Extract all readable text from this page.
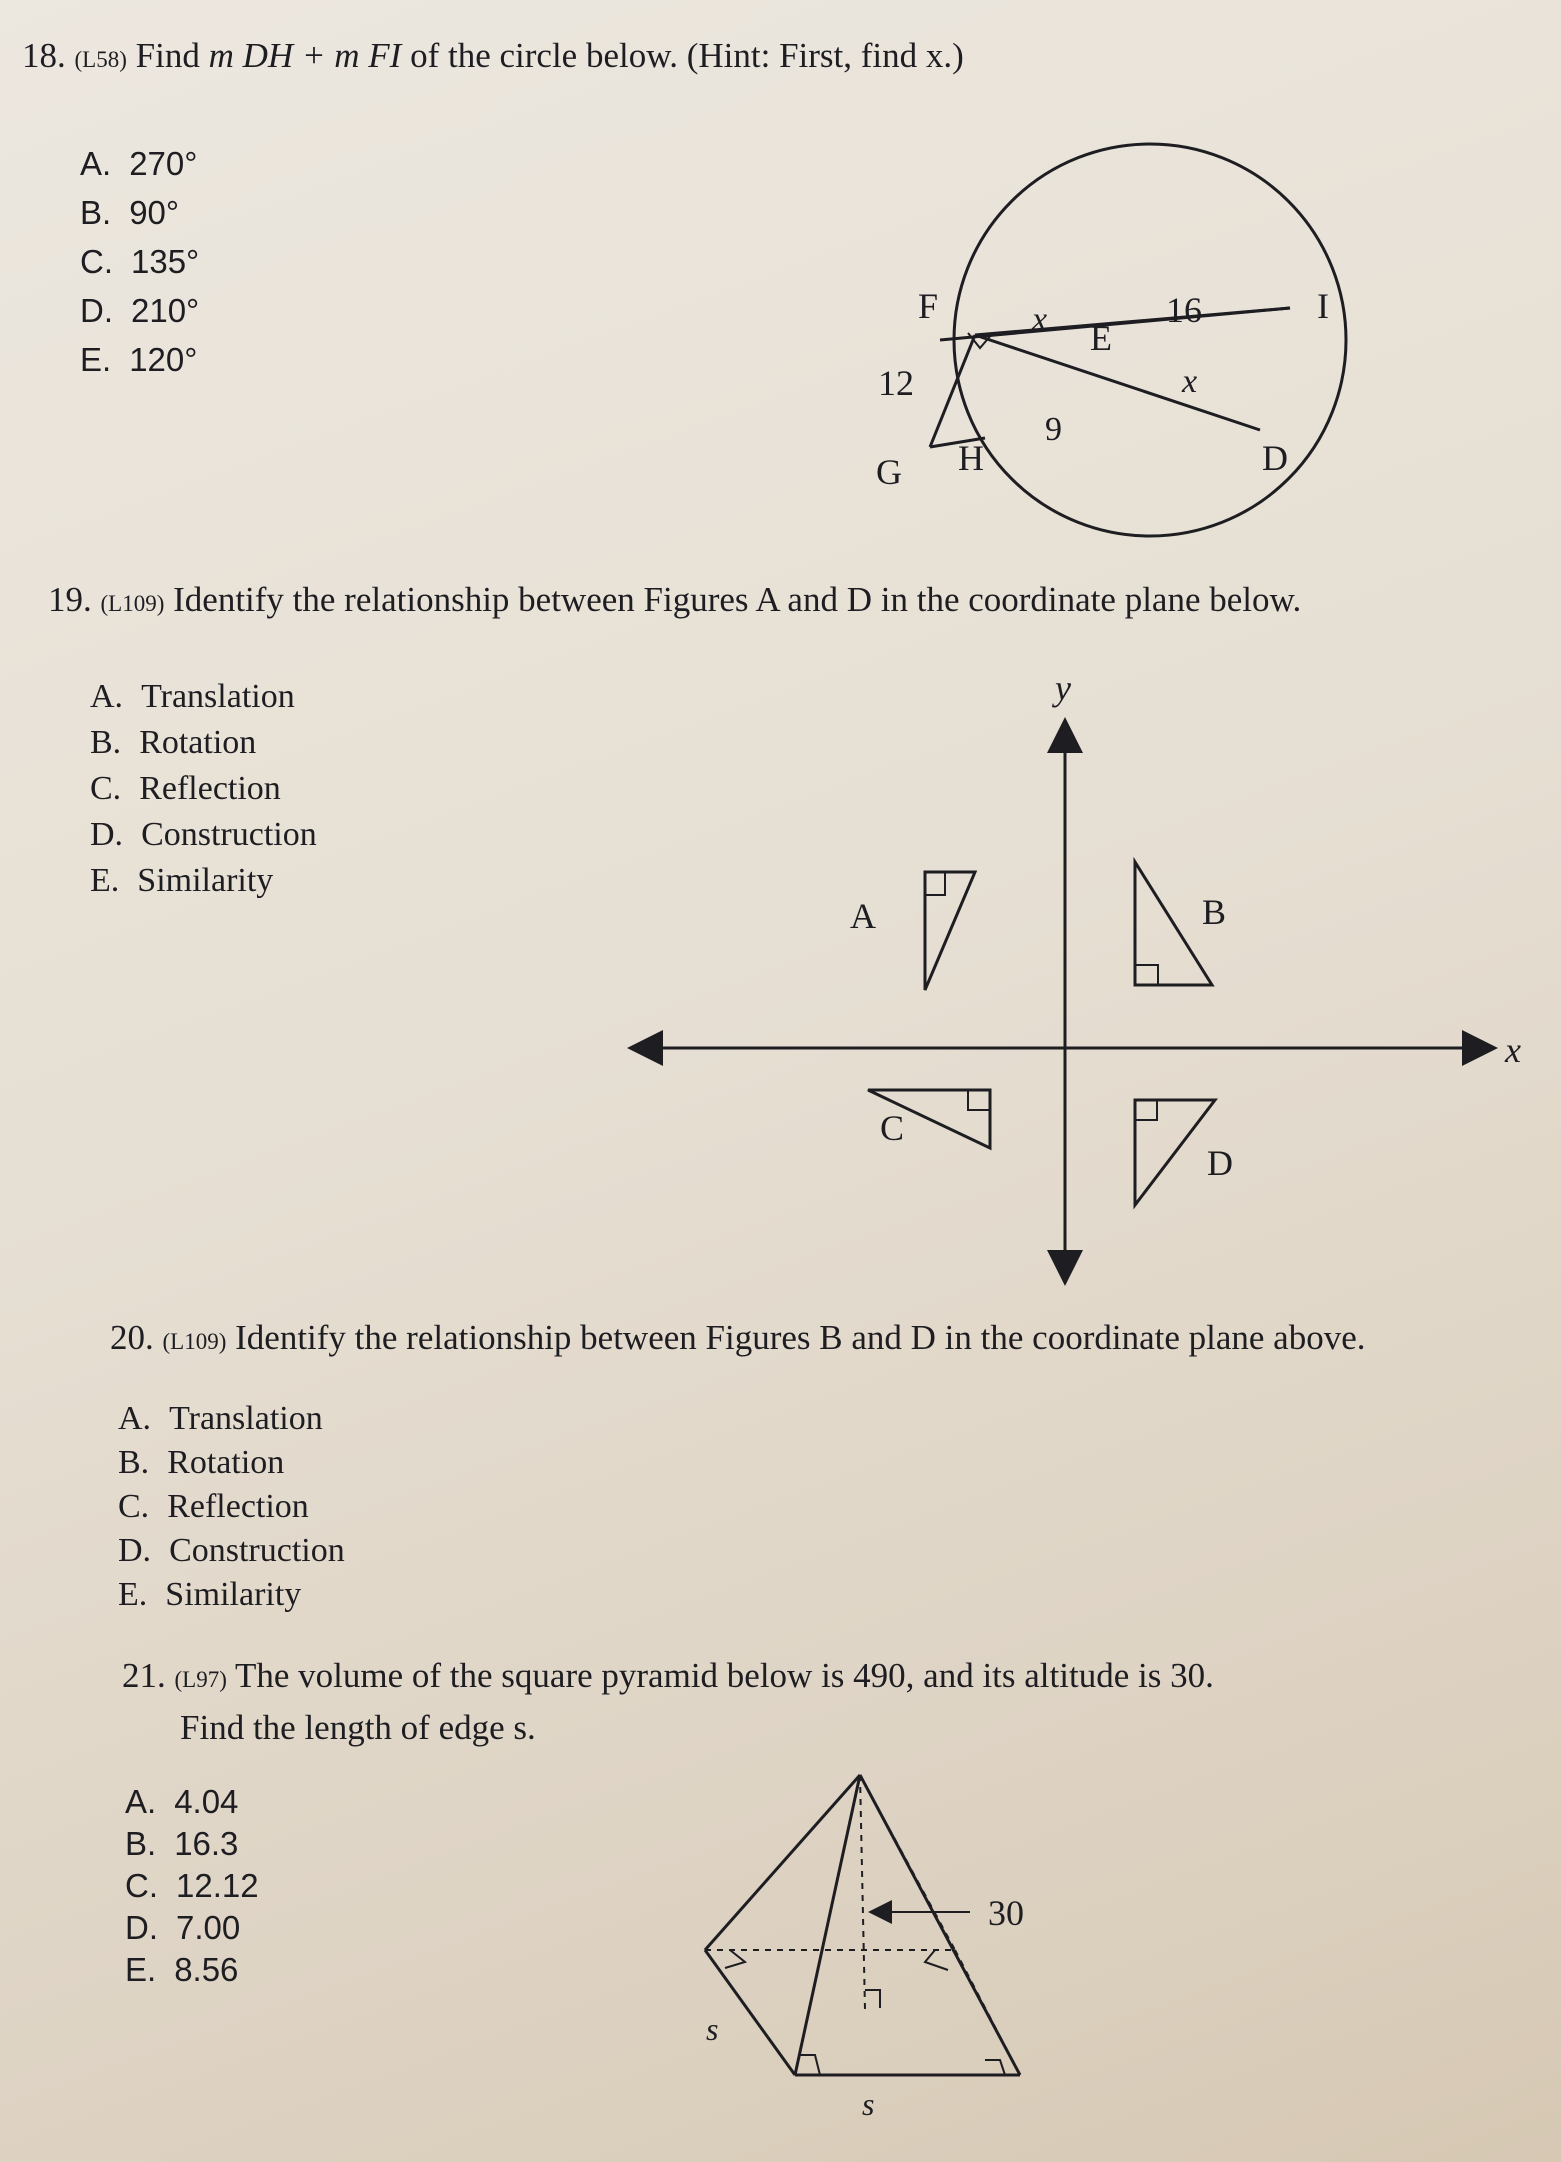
18. (L58) Find m DH + m FI of the circle below. (Hint: First, find x.)
A. 270°
B. 90°
C. 135°
D. 210°
E. 120°
F	x E
16	I
12	x
9
G H	D
19. (L109) Identify the relationship between Figures A and D in the coordinate plane below.
A. Translation
B. Rotation
C. Reflection
D. Construction
E. Similarity
y
x
A	B
C
D
20. (L109) Identify the relationship between Figures B and D in the coordinate plane above.
A. Translation
B. Rotation
C. Reflection
D. Construction
E. Similarity
21. (L97) The volume of the square pyramid below is 490, and its altitude is 30.
Find the length of edge s.
A. 4.04
B. 16.3
C. 12.12
D. 7.00
E. 8.56
30
s
s
